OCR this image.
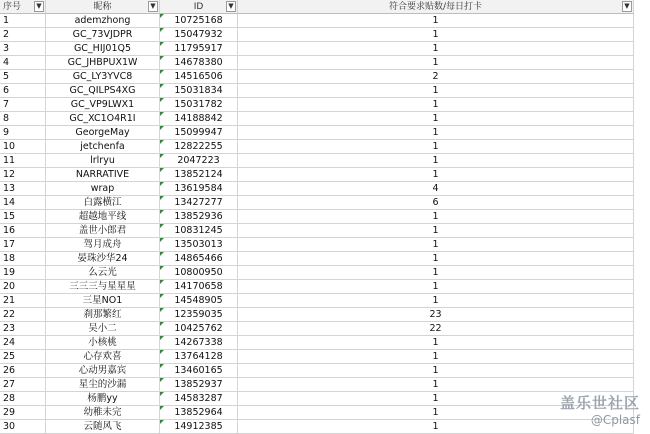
序号	▼	昵称	▼	ID	▼	符合要求贴数/每日打卡	▼
1	ademzhong	10725168	1
2	GC_73VJDPR	15047932	1
3	GC_HIJ01Q5	11795917	1
4	GC_JHBPUX1W	14678380	1
5	GC_LY3YVC8	14516506	2
6	GC_QILPS4XG	15031834	1
7	GC_VP9LWX1	15031782	1
8	GC_XC1O4R1I	14188842	1
9	GeorgeMay	15099947	1
10	jetchenfa	12822255	1
11	lrlryu	2047223	1
12	NARRATIVE	13852124	1
13	wrap	13619584	4
14	白露横江	13427277	6
15	超越地平线	13852936	1
16	盖世小郎君	10831245	1
17	驾月成舟	13503013	1
18	晏珠沙华24	14865466	1
19	么云光	10800950	1
20	三三三与星星星	14170658	1
21	三星NO1	14548905	1
22	刹那繁红	12359035	23
23	吴小二	10425762	22
24	小核桃	14267338	1
25	心存欢喜	13764128	1
26	心动男嘉宾	13460165	1
27	星尘的沙漏	13852937	1
28	杨鹏yy	14583287	1
29	幼稚未完	13852964	1
30	云随风飞	14912385	1
盖乐世社区
@Cplasf
